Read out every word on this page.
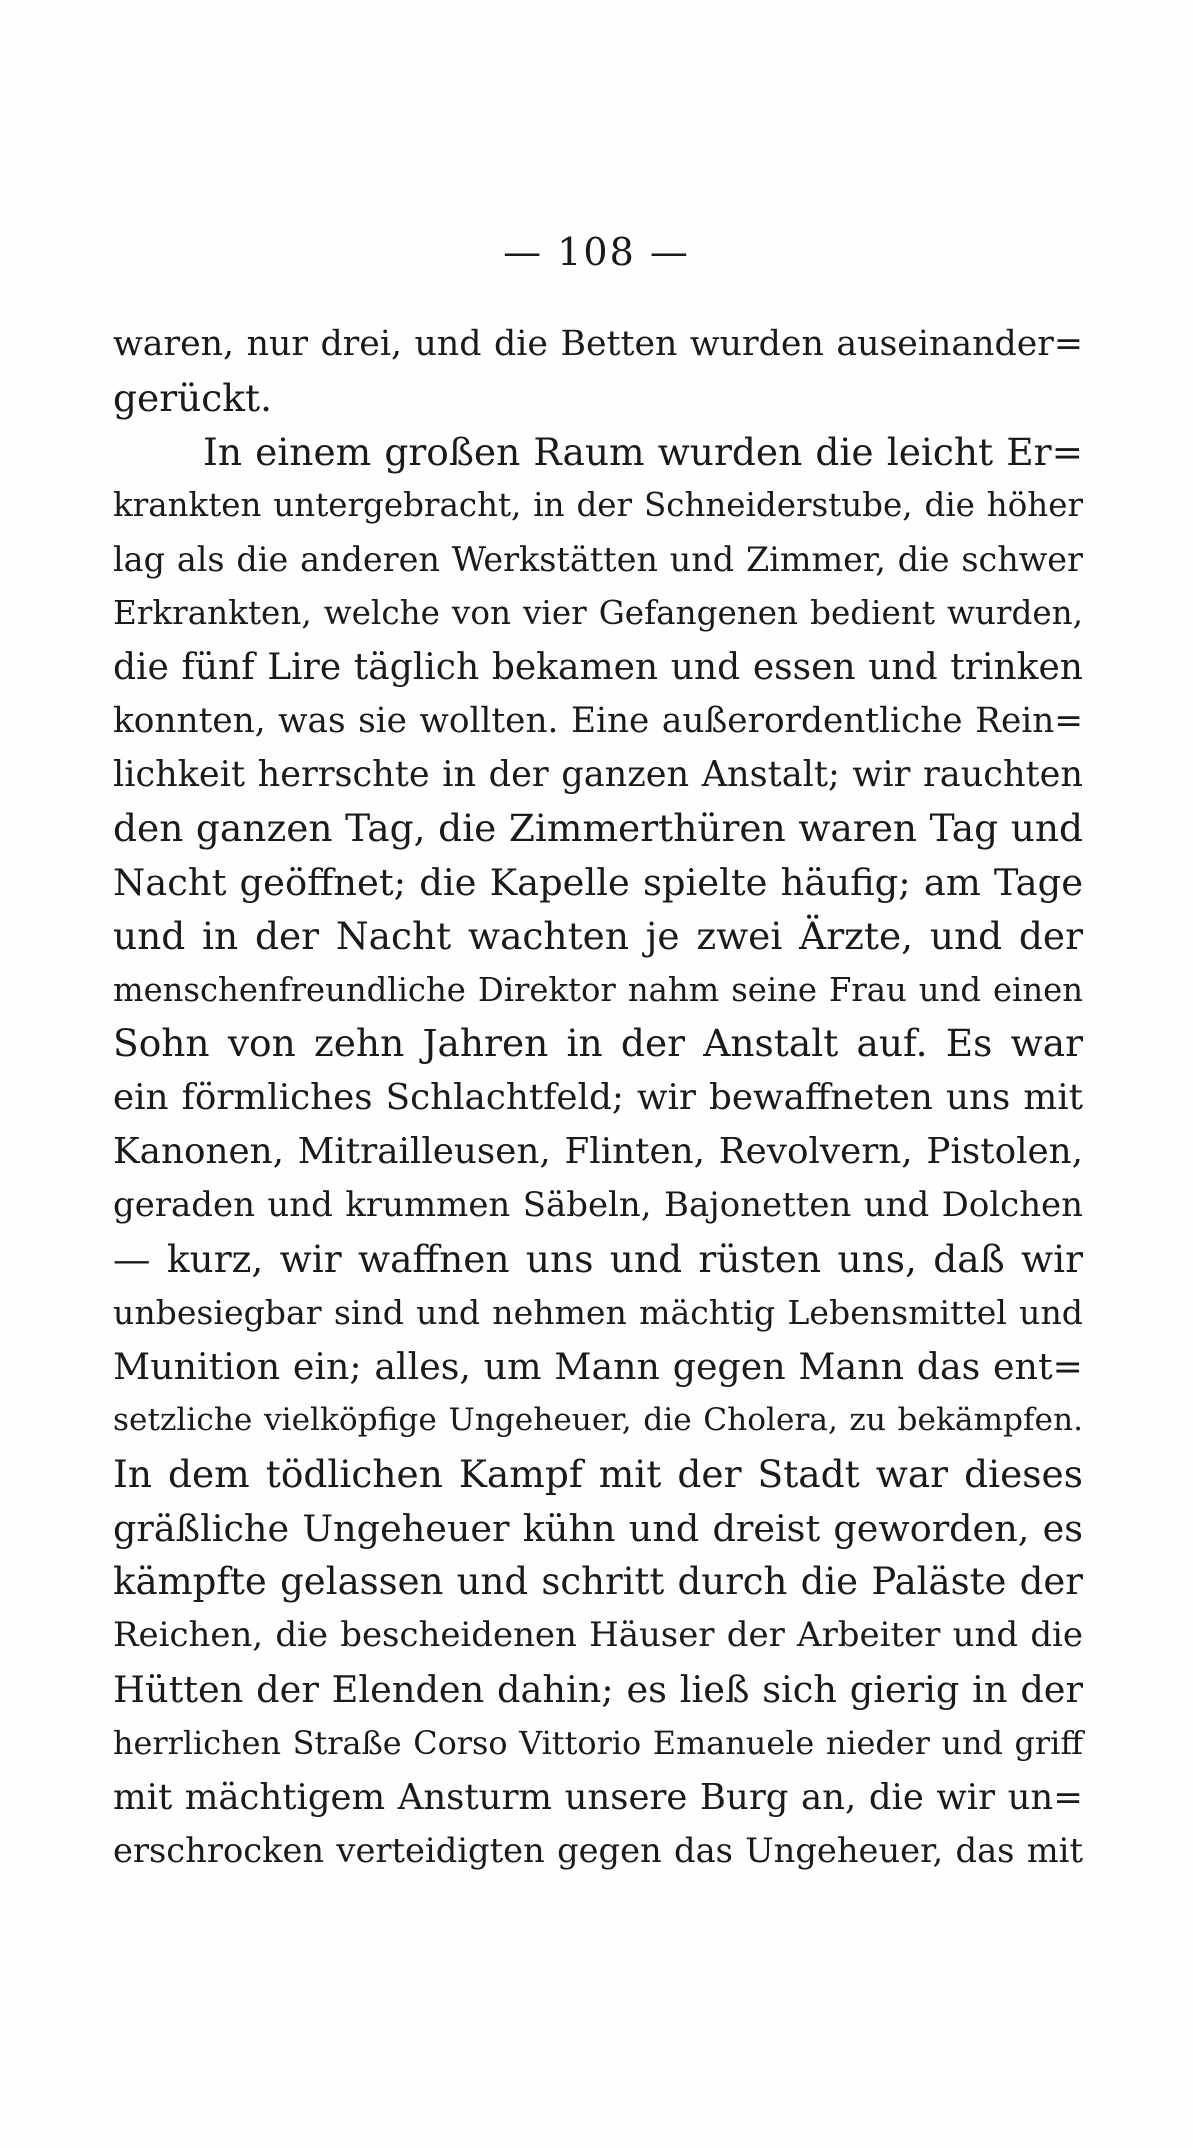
— 108 —
waren, nur drei, und die Betten wurden auseinander=
gerückt.
In einem großen Raum wurden die leicht Er=
krankten untergebracht, in der Schneiderstube, die höher
lag als die anderen Werkstätten und Zimmer, die schwer
Erkrankten, welche von vier Gefangenen bedient wurden,
die fünf Lire täglich bekamen und essen und trinken
konnten, was sie wollten. Eine außerordentliche Rein=
lichkeit herrschte in der ganzen Anstalt; wir rauchten
den ganzen Tag, die Zimmerthüren waren Tag und
Nacht geöffnet; die Kapelle spielte häufig; am Tage
und in der Nacht wachten je zwei Ärzte, und der
menschenfreundliche Direktor nahm seine Frau und einen
Sohn von zehn Jahren in der Anstalt auf. Es war
ein förmliches Schlachtfeld; wir bewaffneten uns mit
Kanonen, Mitrailleusen, Flinten, Revolvern, Pistolen,
geraden und krummen Säbeln, Bajonetten und Dolchen
— kurz, wir waffnen uns und rüsten uns, daß wir
unbesiegbar sind und nehmen mächtig Lebensmittel und
Munition ein; alles, um Mann gegen Mann das ent=
setzliche vielköpfige Ungeheuer, die Cholera, zu bekämpfen.
In dem tödlichen Kampf mit der Stadt war dieses
gräßliche Ungeheuer kühn und dreist geworden, es
kämpfte gelassen und schritt durch die Paläste der
Reichen, die bescheidenen Häuser der Arbeiter und die
Hütten der Elenden dahin; es ließ sich gierig in der
herrlichen Straße Corso Vittorio Emanuele nieder und griff
mit mächtigem Ansturm unsere Burg an, die wir un=
erschrocken verteidigten gegen das Ungeheuer, das mit
